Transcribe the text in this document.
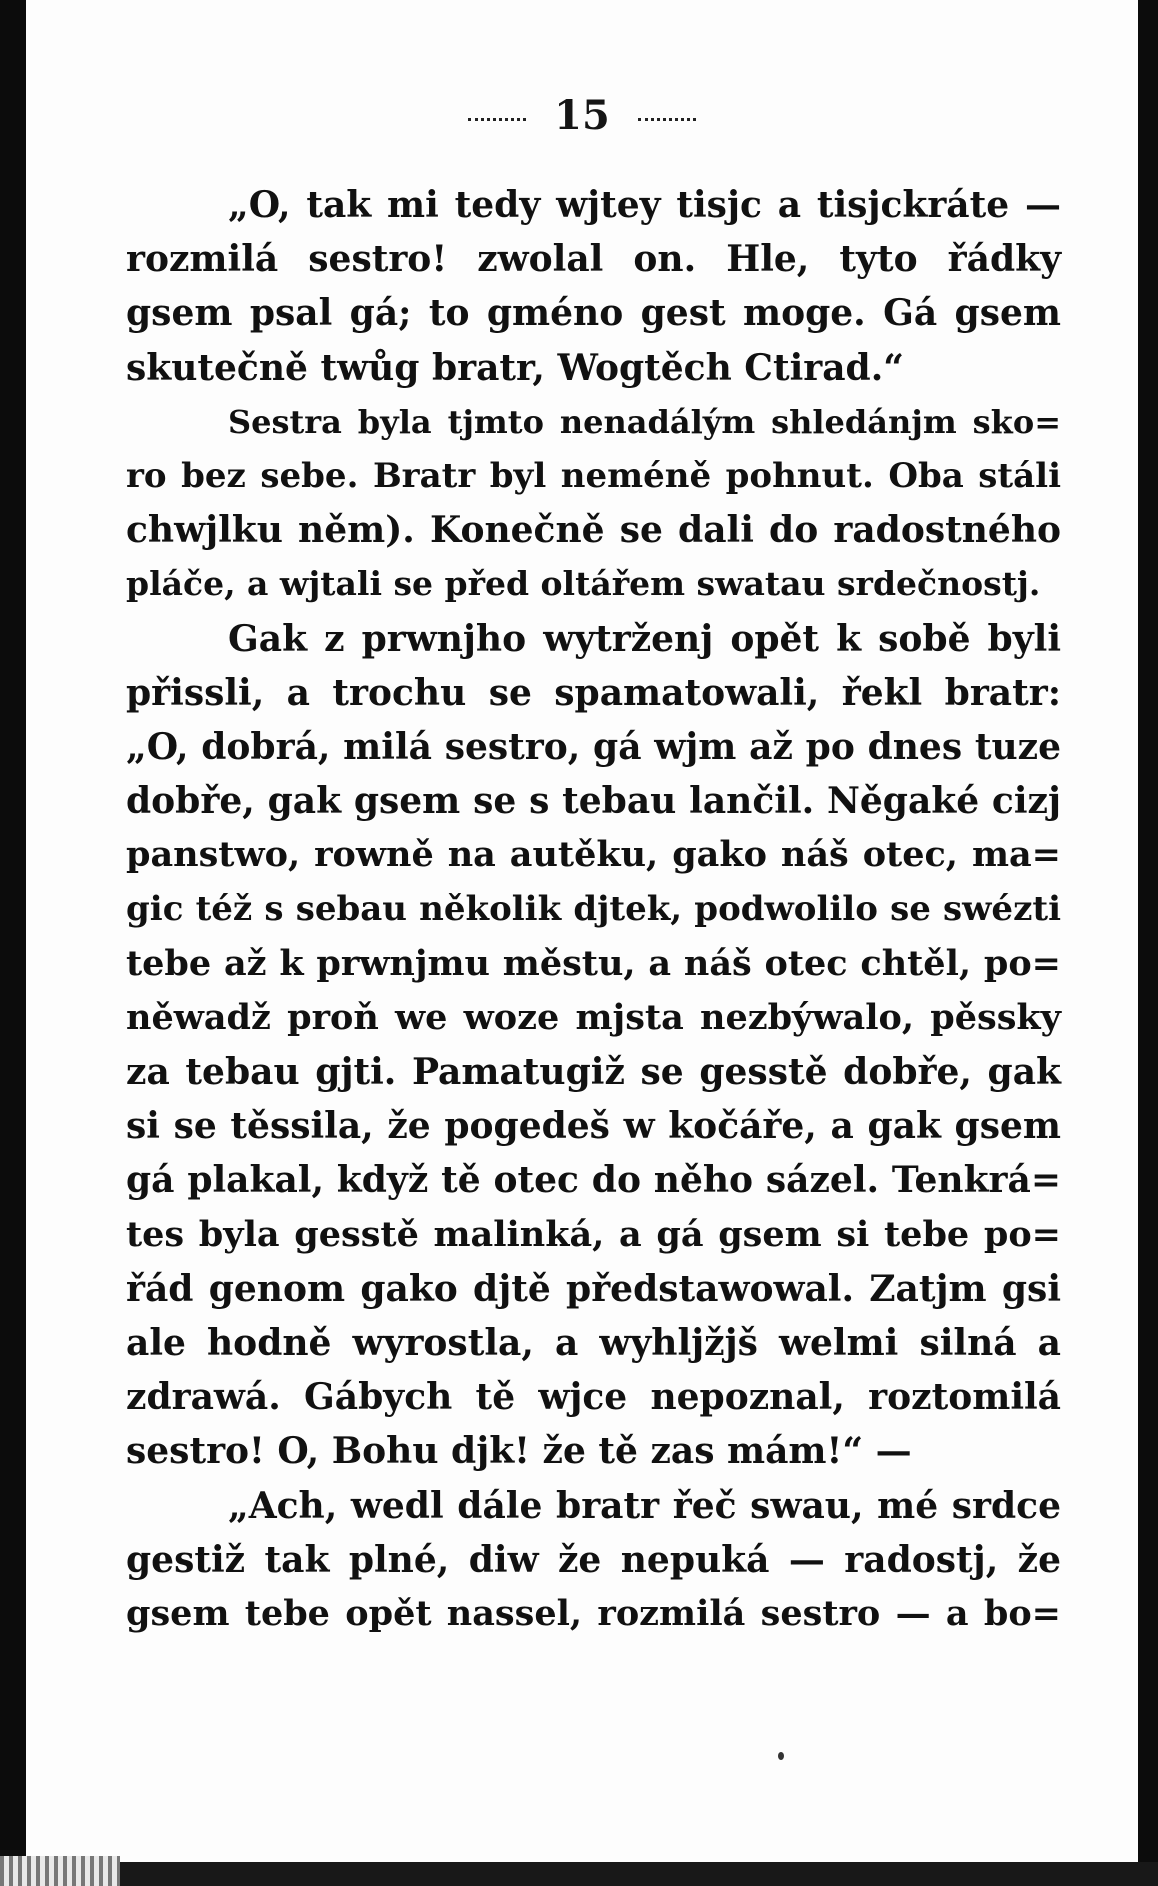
15
„O, tak mi tedy wjtey tisjc a tisjckráte —
rozmilá sestro! zwolal on. Hle, tyto řádky
gsem psal gá; to gméno gest moge. Gá gsem
skutečně twůg bratr, Wogtěch Ctirad.“
Sestra byla tjmto nenadálým shledánjm sko=
ro bez sebe. Bratr byl neméně pohnut. Oba stáli
chwjlku něm). Konečně se dali do radostného
pláče, a wjtali se před oltářem swatau srdečnostj.
Gak z prwnjho wytrženj opět k sobě byli
přissli, a trochu se spamatowali, řekl bratr:
„O, dobrá, milá sestro, gá wjm až po dnes tuze
dobře, gak gsem se s tebau lančil. Něgaké cizj
panstwo, rowně na autěku, gako náš otec, ma=
gic též s sebau několik djtek, podwolilo se swézti
tebe až k prwnjmu městu, a náš otec chtěl, po=
něwadž proň we woze mjsta nezbýwalo, pěssky
za tebau gjti. Pamatugiž se gesstě dobře, gak
si se těssila, že pogedeš w kočáře, a gak gsem
gá plakal, když tě otec do něho sázel. Tenkrá=
tes byla gesstě malinká, a gá gsem si tebe po=
řád genom gako djtě předstawowal. Zatjm gsi
ale hodně wyrostla, a wyhljžjš welmi silná a
zdrawá. Gábych tě wjce nepoznal, roztomilá
sestro! O, Bohu djk! že tě zas mám!“ —
„Ach, wedl dále bratr řeč swau, mé srdce
gestiž tak plné, diw že nepuká — radostj, že
gsem tebe opět nassel, rozmilá sestro — a bo=
